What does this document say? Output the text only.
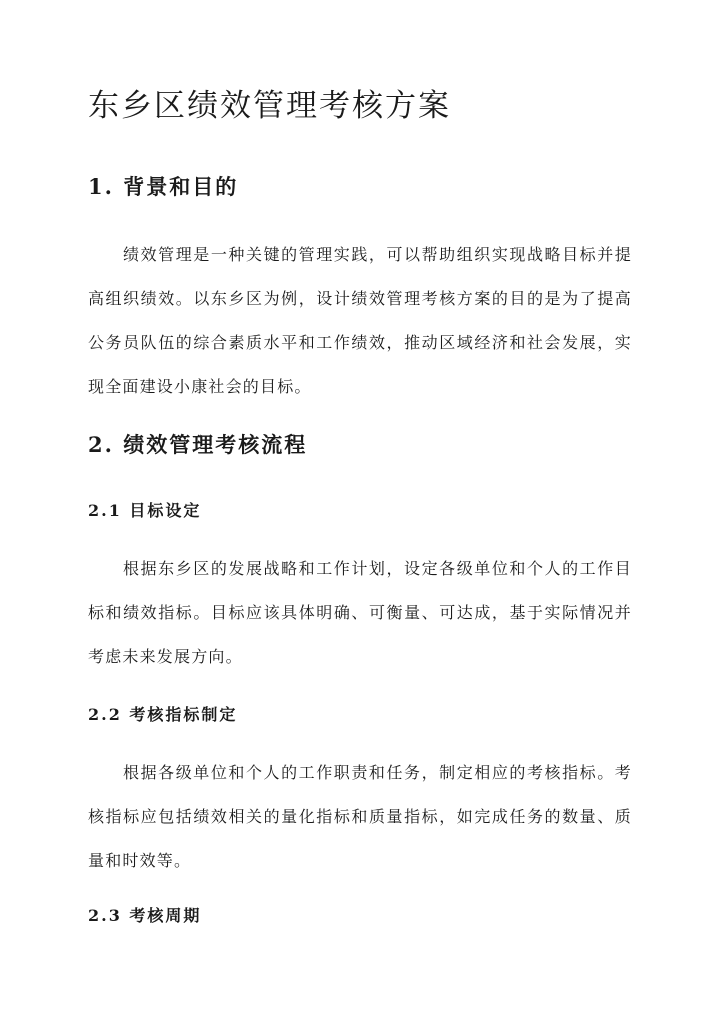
东乡区绩效管理考核方案
1. 背景和目的

绩效管理是一种关键的管理实践，可以帮助组织实现战略目标并提高组织绩效。以东乡区为例，设计绩效管理考核方案的目的是为了提高公务员队伍的综合素质水平和工作绩效，推动区域经济和社会发展，实现全面建设小康社会的目标。

2. 绩效管理考核流程
2.1 目标设定

根据东乡区的发展战略和工作计划，设定各级单位和个人的工作目标和绩效指标。目标应该具体明确、可衡量、可达成，基于实际情况并考虑未来发展方向。

2.2 考核指标制定

根据各级单位和个人的工作职责和任务，制定相应的考核指标。考核指标应包括绩效相关的量化指标和质量指标，如完成任务的数量、质量和时效等。

2.3 考核周期
